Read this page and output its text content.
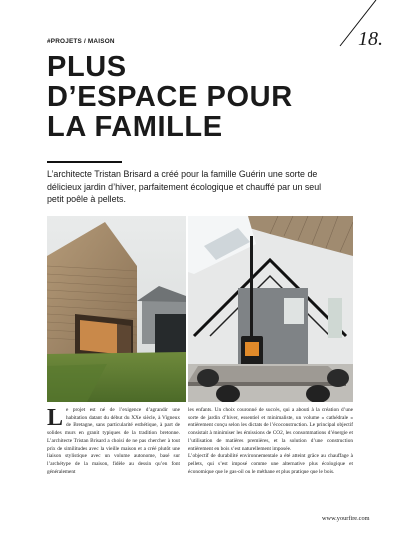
#PROJETS / MAISON	18.
PLUS
D’ESPACE POUR
LA FAMILLE
L’architecte Tristan Brisard a créé pour la famille Guérin une sorte de délicieux jardin d’hiver, parfaitement écologique et chauffé par un seul petit poêle à pellets.
Le projet est né de l’exigence d’agrandir une habitation datant du début du XXe siècle, à Vigneux de Bretagne, sans particularité esthétique, à part de solides murs en granit typiques de la tradition bretonne. L’architecte Tristan Brisard a choisi de ne pas chercher à tout prix de similitudes avec la vieille maison et a créé plutôt une liaison stylistique avec un volume autonome, basé sur l’archétype de la maison, fidèle au dessin qu’en font généralement
les enfants. Un choix couronné de succès, qui a abouti à la création d’une sorte de jardin d’hiver, essentiel et minimaliste, un volume « cathédrale » entièrement conçu selon les dictats de l’écoconstruction. Le principal objectif consistait à minimiser les émissions de CO2, les consommations d’énergie et l’utilisation de matières premières, et la solution d’une construction entièrement en bois s’est naturellement imposée.
L’objectif de durabilité environnementale a été atteint grâce au chauffage à pellets, qui s’est imposé comme une alternative plus écologique et économique que le gas-oil ou le méthane et plus pratique que le bois.
www.yourfire.com
